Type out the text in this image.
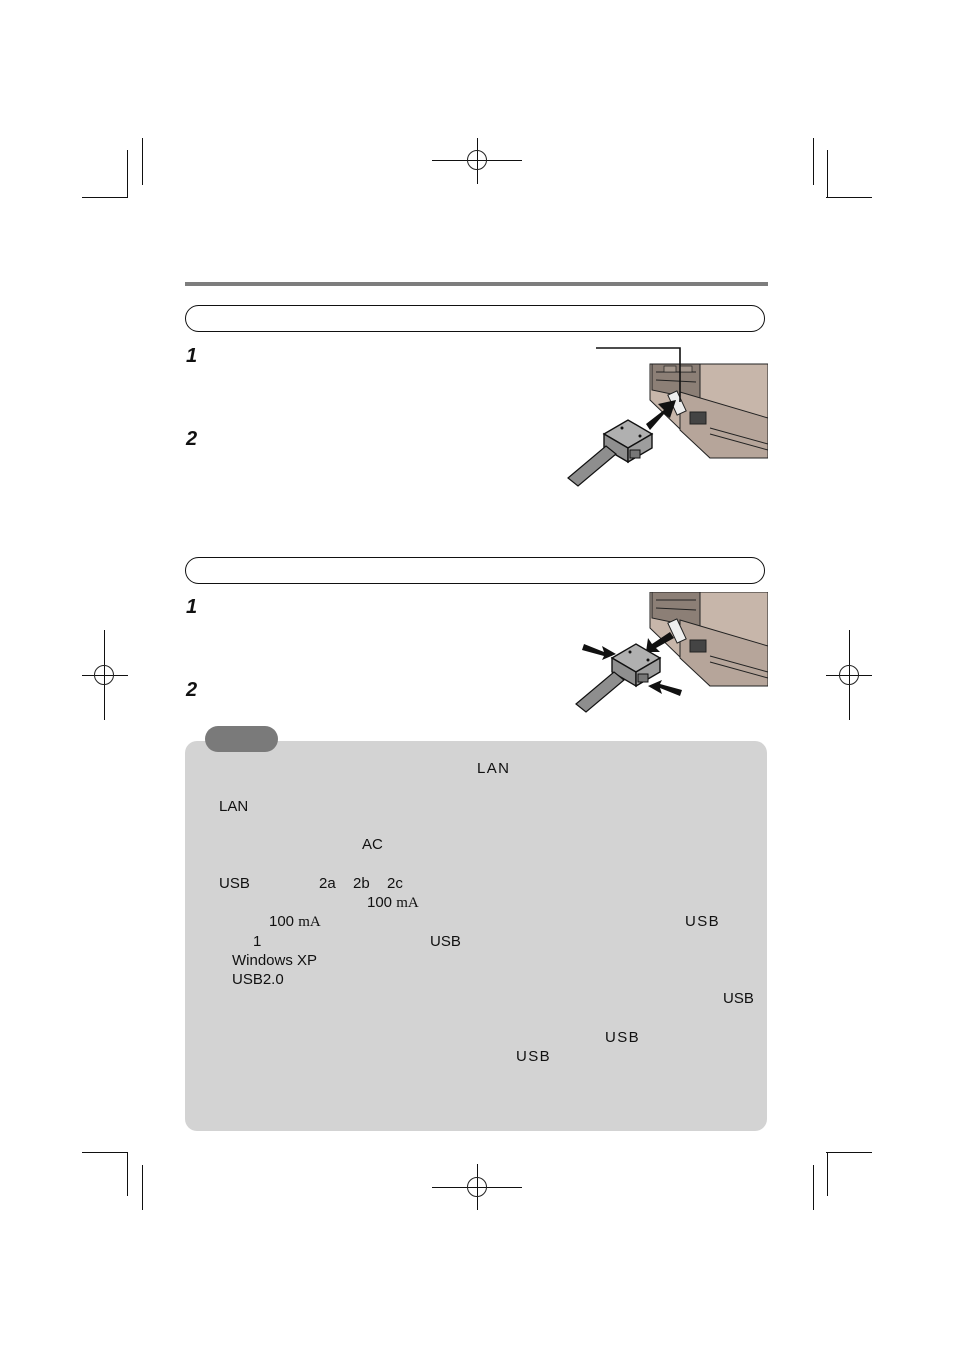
1
2
1
2
LAN
LAN
AC
USB	2a 2b 2c
100 mA
100 mA	USB
1	USB
Windows XP
USB2.0
USB
USB
USB
